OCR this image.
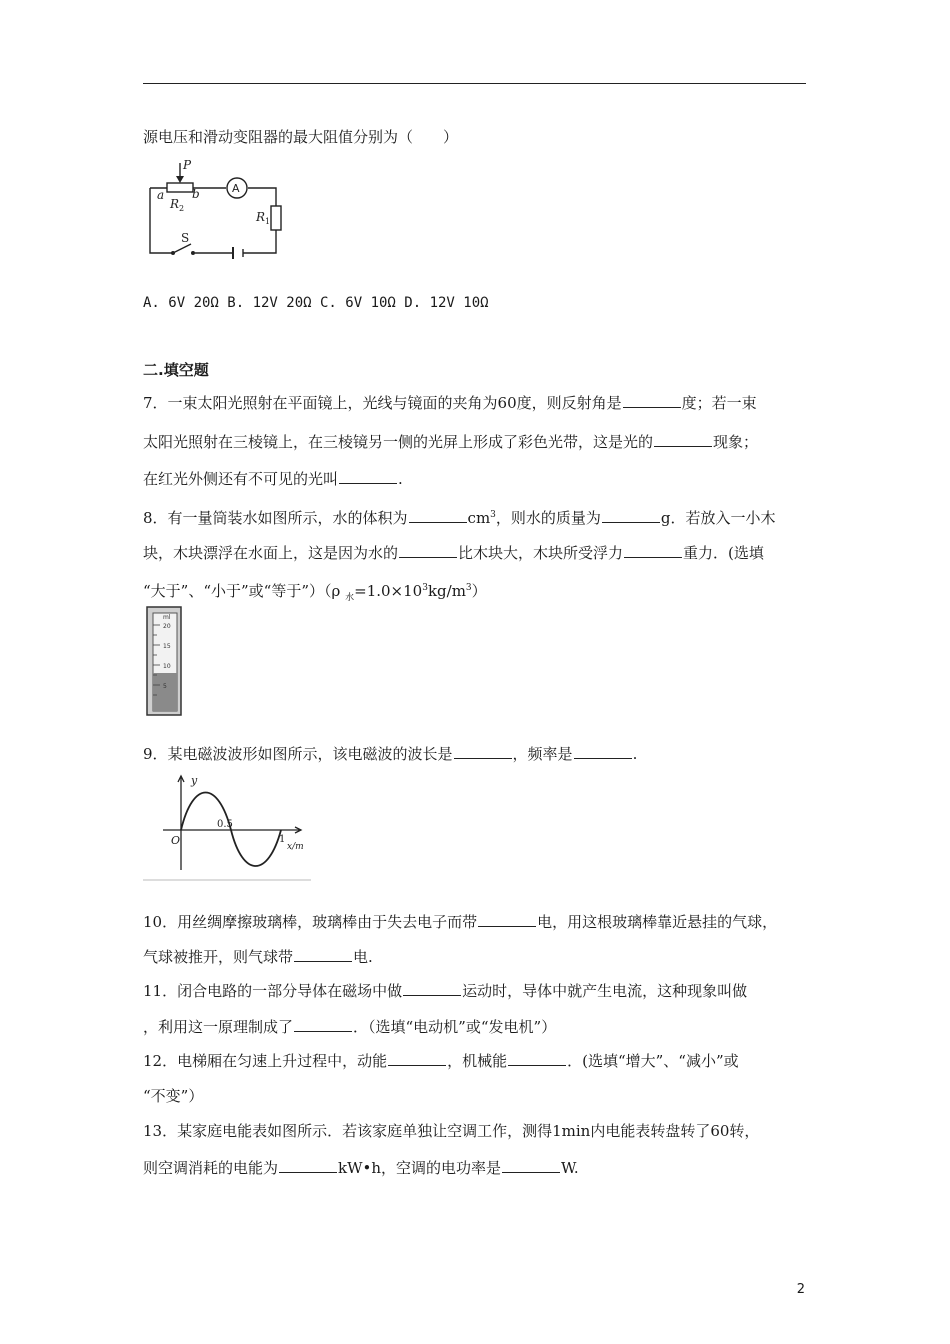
源电压和滑动变阻器的最大阻值分别为（　　）
P
a b
R 2
A
R 1
S
A. 6V 20Ω B. 12V 20Ω C. 6V 10Ω D. 12V 10Ω
二.填空题
7．一束太阳光照射在平面镜上，光线与镜面的夹角为60度，则反射角是	度；若一束
太阳光照射在三棱镜上，在三棱镜另一侧的光屏上形成了彩色光带，这是光的	现象；
在红光外侧还有不可见的光叫	.
8．有一量筒装水如图所示，水的体积为	$cm^3$，则水的质量为	g．若放入一小木
块，木块漂浮在水面上，这是因为水的	比木块大，木块所受浮力	重力．(选填
“大于”、“小于”或“等于”）（ρ $_水=1.0\times 10^3kg/m^3$）
ml
20
15
10
5
9．某电磁波波形如图所示，该电磁波的波长是	，频率是	.
y
O
0.5
1
x/m
10．用丝绸摩擦玻璃棒，玻璃棒由于失去电子而带	电，用这根玻璃棒靠近悬挂的气球，
气球被推开，则气球带	电.
11．闭合电路的一部分导体在磁场中做	运动时，导体中就产生电流，这种现象叫做
，利用这一原理制成了	．（选填“电动机”或“发电机”）
12．电梯厢在匀速上升过程中，动能	，机械能	．(选填“增大”、“减小”或
“不变”）
13．某家庭电能表如图所示．若该家庭单独让空调工作，测得1min内电能表转盘转了60转，
则空调消耗的电能为	kW•h，空调的电功率是	W.
2
